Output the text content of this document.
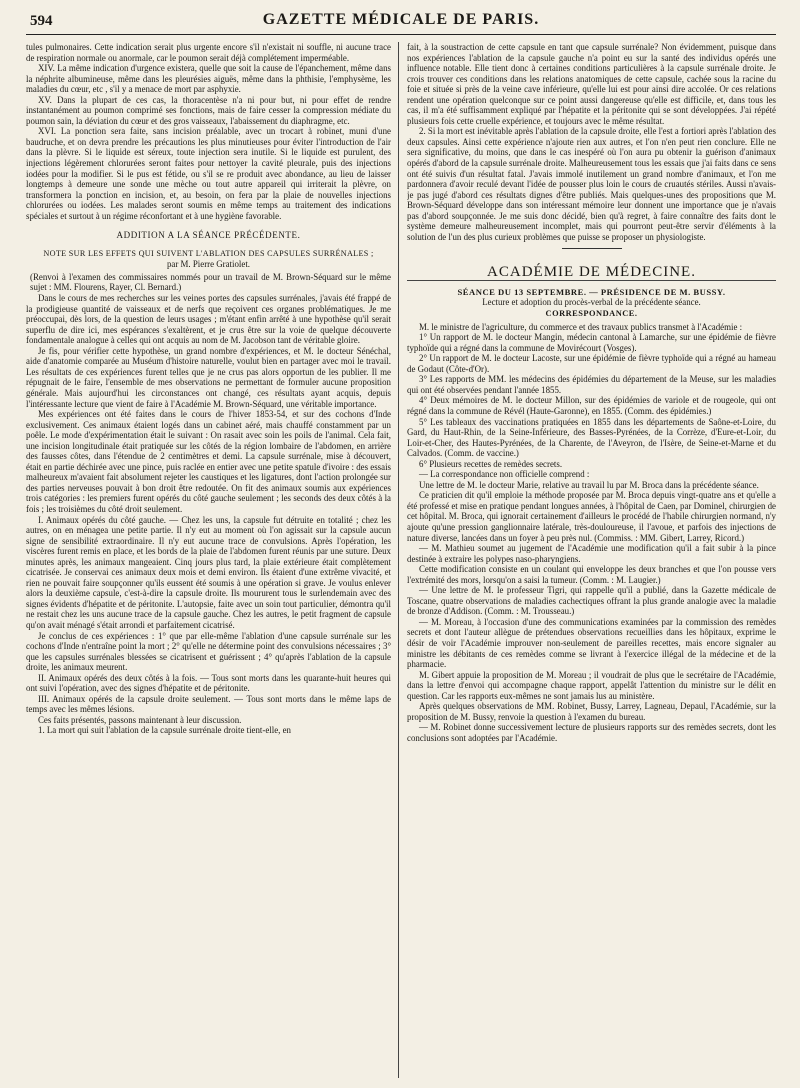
594	GAZETTE MÉDICALE DE PARIS.

tules pulmonaires. Cette indication serait plus urgente encore s'il n'existait ni souffle, ni aucune trace de respiration normale ou anormale, car le poumon serait déjà complétement imperméable.

XIV. La même indication d'urgence existera, quelle que soit la cause de l'épanchement, même dans la néphrite albumineuse, même dans les pleurésies aiguës, même dans la phthisie, l'emphysème, les maladies du cœur, etc , s'il y a menace de mort par asphyxie.

XV. Dans la plupart de ces cas, la thoracentèse n'a ni pour but, ni pour effet de rendre instantanément au poumon comprimé ses fonctions, mais de faire cesser la compression médiate du poumon sain, la déviation du cœur et des gros vaisseaux, l'abaissement du diaphragme, etc.

XVI. La ponction sera faite, sans incision préalable, avec un trocart à robinet, muni d'une baudruche, et on devra prendre les précautions les plus minutieuses pour éviter l'introduction de l'air dans la plèvre. Si le liquide est séreux, toute injection sera inutile. Si le liquide est purulent, des injections légèrement chlorurées seront faites pour nettoyer la cavité pleurale, puis des injections iodées pour la modifier. Si le pus est fétide, ou s'il se re produit avec abondance, au lieu de laisser longtemps à demeure une sonde une mèche ou tout autre appareil qui irriterait la plèvre, on transformera la ponction en incision, et, au besoin, on fera par la plaie de nouvelles injections chlorurées ou iodées. Les malades seront soumis en même temps au traitement des indications spéciales et surtout à un régime réconfortant et à une hygiène favorable.

ADDITION A LA SÉANCE PRÉCÉDENTE.
NOTE SUR LES EFFETS QUI SUIVENT L'ABLATION DES CAPSULES SURRÉNALES ;
par M. Pierre Gratiolet.

(Renvoi à l'examen des commissaires nommés pour un travail de M. Brown-Séquard sur le même sujet : MM. Flourens, Rayer, Cl. Bernard.)

Dans le cours de mes recherches sur les veines portes des capsules surrénales, j'avais été frappé de la prodigieuse quantité de vaisseaux et de nerfs que reçoivent ces organes problématiques. Je me préoccupai, dès lors, de la question de leurs usages ; m'étant enfin arrêté à une hypothèse qu'il serait superflu de dire ici, mes espérances s'exaltèrent, et je crus être sur la voie de quelque découverte fondamentale analogue à celles qui ont acquis au nom de M. Jacobson tant de véritable gloire.

Je fis, pour vérifier cette hypothèse, un grand nombre d'expériences, et M. le docteur Sénéchal, aide d'anatomie comparée au Muséum d'histoire naturelle, voulut bien en partager avec moi le travail. Les résultats de ces expériences furent telles que je ne crus pas alors opportun de les publier. Il me répugnait de le faire, l'ensemble de mes observations ne permettant de formuler aucune proposition générale. Mais aujourd'hui les circonstances ont changé, ces résultats ayant acquis, depuis l'intéressante lecture que vient de faire à l'Académie M. Brown-Séquard, une véritable importance.

Mes expériences ont été faites dans le cours de l'hiver 1853-54, et sur des cochons d'Inde exclusivement. Ces animaux étaient logés dans un cabinet aéré, mais chauffé constamment par un poêle. Le mode d'expérimentation était le suivant : On rasait avec soin les poils de l'animal. Cela fait, une incision longitudinale était pratiquée sur les côtés de la région lombaire de l'abdomen, en arrière des fausses côtes, dans l'étendue de 2 centimètres et demi. La capsule surrénale, mise à découvert, était en partie déchirée avec une pince, puis raclée en entier avec une petite spatule d'ivoire : des essais malheureux m'avaient fait absolument rejeter les caustiques et les ligatures, dont l'action prolongée sur des parties nerveuses pouvait à bon droit être redoutée. On fit des animaux soumis aux expériences trois catégories : les premiers furent opérés du côté gauche seulement ; les seconds des deux côtés à la fois ; les troisièmes du côté droit seulement.

I. Animaux opérés du côté gauche. — Chez les uns, la capsule fut détruite en totalité ; chez les autres, on en ménagea une petite partie. Il n'y eut au moment où l'on agissait sur la capsule aucun signe de sensibilité extraordinaire. Il n'y eut aucune trace de convulsions. Après l'opération, les viscères furent remis en place, et les bords de la plaie de l'abdomen furent réunis par une suture. Deux minutes après, les animaux mangeaient. Cinq jours plus tard, la plaie extérieure était complètement cicatrisée. Je conservai ces animaux deux mois et demi environ. Ils étaient d'une extrême vivacité, et rien ne pouvait faire soupçonner qu'ils eussent été soumis à une opération si grave. Je voulus enlever alors la deuxième capsule, c'est-à-dire la capsule droite. Ils moururent tous le surlendemain avec des signes évidents d'hépatite et de péritonite. L'autopsie, faite avec un soin tout particulier, démontra qu'il ne restait chez les uns aucune trace de la capsule gauche. Chez les autres, le petit fragment de capsule qu'on avait ménagé s'était arrondi et parfaitement cicatrisé.

Je conclus de ces expériences : 1° que par elle-même l'ablation d'une capsule surrénale sur les cochons d'Inde n'entraîne point la mort ; 2° qu'elle ne détermine point des convulsions nécessaires ; 3° que les capsules surrénales blessées se cicatrisent et guérissent ; 4° qu'après l'ablation de la capsule droite, les animaux meurent.

II. Animaux opérés des deux côtés à la fois. — Tous sont morts dans les quarante-huit heures qui ont suivi l'opération, avec des signes d'hépatite et de péritonite.

III. Animaux opérés de la capsule droite seulement. — Tous sont morts dans le même laps de temps avec les mêmes lésions.

Ces faits présentés, passons maintenant à leur discussion.

1. La mort qui suit l'ablation de la capsule surrénale droite tient-elle, en

fait, à la soustraction de cette capsule en tant que capsule surrénale? Non évidemment, puisque dans nos expériences l'ablation de la capsule gauche n'a point eu sur la santé des individus opérés une influence notable. Elle tient donc à certaines conditions particulières à la capsule surrénale droite. Je crois trouver ces conditions dans les relations anatomiques de cette capsule, cachée sous la racine du foie et située si près de la veine cave inférieure, qu'elle lui est pour ainsi dire accolée. Or ces relations rendent une opération quelconque sur ce point aussi dangereuse qu'elle est difficile, et, dans tous les cas, il m'a été suffisamment expliqué par l'hépatite et la péritonite qui se sont développées. J'ai répété plusieurs fois cette cruelle expérience, et toujours avec le même résultat.

2. Si la mort est inévitable après l'ablation de la capsule droite, elle l'est a fortiori après l'ablation des deux capsules. Ainsi cette expérience n'ajoute rien aux autres, et l'on n'en peut rien conclure. Elle ne sera significative, du moins, que dans le cas inespéré où l'on aura pu obtenir la guérison d'animaux opérés d'abord de la capsule surrénale droite. Malheureusement tous les essais que j'ai faits dans ce sens ont été suivis d'un résultat fatal. J'avais immolé inutilement un grand nombre d'animaux, et l'on me pardonnera d'avoir reculé devant l'idée de pousser plus loin le cours de cruautés stériles. Aussi n'avais-je pas jugé d'abord ces résultats dignes d'être publiés. Mais quelques-unes des propositions que M. Brown-Séquard développe dans son intéressant mémoire leur donnent une importance que je n'avais pas d'abord soupçonnée. Je me suis donc décidé, bien qu'à regret, à faire connaître des faits dont le système demeure malheureusement incomplet, mais qui pourront peut-être servir d'éléments à la solution de l'un des plus curieux problèmes que puisse se proposer un physiologiste.

ACADÉMIE DE MÉDECINE.
SÉANCE DU 13 SEPTEMBRE. — PRÉSIDENCE DE M. BUSSY.
Lecture et adoption du procès-verbal de la précédente séance.
CORRESPONDANCE.

M. le ministre de l'agriculture, du commerce et des travaux publics transmet à l'Académie :

1° Un rapport de M. le docteur Mangin, médecin cantonal à Lamarche, sur une épidémie de fièvre typhoïde qui a régné dans la commune de Movirécourt (Vosges).

2° Un rapport de M. le docteur Lacoste, sur une épidémie de fièvre typhoïde qui a régné au hameau de Godaut (Côte-d'Or).

3° Les rapports de MM. les médecins des épidémies du département de la Meuse, sur les maladies qui ont été observées pendant l'année 1855.

4° Deux mémoires de M. le docteur Millon, sur des épidémies de variole et de rougeole, qui ont régné dans la commune de Révél (Haute-Garonne), en 1855. (Comm. des épidémies.)

5° Les tableaux des vaccinations pratiquées en 1855 dans les départements de Saône-et-Loire, du Gard, du Haut-Rhin, de la Seine-Inférieure, des Basses-Pyrénées, de la Corrèze, d'Eure-et-Loir, du Loir-et-Cher, des Hautes-Pyrénées, de la Charente, de l'Aveyron, de l'Isère, de Seine-et-Marne et du Calvados. (Comm. de vaccine.)

6° Plusieurs recettes de remèdes secrets.

— La correspondance non officielle comprend :

Une lettre de M. le docteur Marie, relative au travail lu par M. Broca dans la précédente séance.

Ce praticien dit qu'il emploie la méthode proposée par M. Broca depuis vingt-quatre ans et qu'elle a été professé et mise en pratique pendant longues années, à l'hôpital de Caen, par Dominel, chirurgien de cet hôpital. M. Broca, qui ignorait certainement d'ailleurs le procédé de l'habile chirurgien normand, n'y ajoute qu'une pression ganglionnaire latérale, très-douloureuse, il l'avoue, et parfois des injections de nature diverse, lancées dans un foyer à peu près nul. (Commiss. : MM. Gibert, Larrey, Ricord.)

— M. Mathieu soumet au jugement de l'Académie une modification qu'il a fait subir à la pince destinée à extraire les polypes naso-pharyngiens.

Cette modification consiste en un coulant qui enveloppe les deux branches et que l'on pousse vers l'extrémité des mors, lorsqu'on a saisi la tumeur. (Comm. : M. Laugier.)

— Une lettre de M. le professeur Tigri, qui rappelle qu'il a publié, dans la Gazette médicale de Toscane, quatre observations de maladies cachectiques offrant la plus grande analogie avec la maladie de bronze d'Addison. (Comm. : M. Trousseau.)

— M. Moreau, à l'occasion d'une des communications examinées par la commission des remèdes secrets et dont l'auteur allègue de prétendues observations recueillies dans les hôpitaux, exprime le désir de voir l'Académie improuver non-seulement de pareilles recettes, mais encore signaler au ministre les débitants de ces remèdes comme se livrant à l'exercice illégal de la médecine et de la pharmacie.

M. Gibert appuie la proposition de M. Moreau ; il voudrait de plus que le secrétaire de l'Académie, dans la lettre d'envoi qui accompagne chaque rapport, appelât l'attention du ministre sur le délit en question. Car les rapports eux-mêmes ne sont jamais lus au ministère.

Après quelques observations de MM. Robinet, Bussy, Larrey, Lagneau, Depaul, l'Académie, sur la proposition de M. Bussy, renvoie la question à l'examen du bureau.

— M. Robinet donne successivement lecture de plusieurs rapports sur des remèdes secrets, dont les conclusions sont adoptées par l'Académie.
